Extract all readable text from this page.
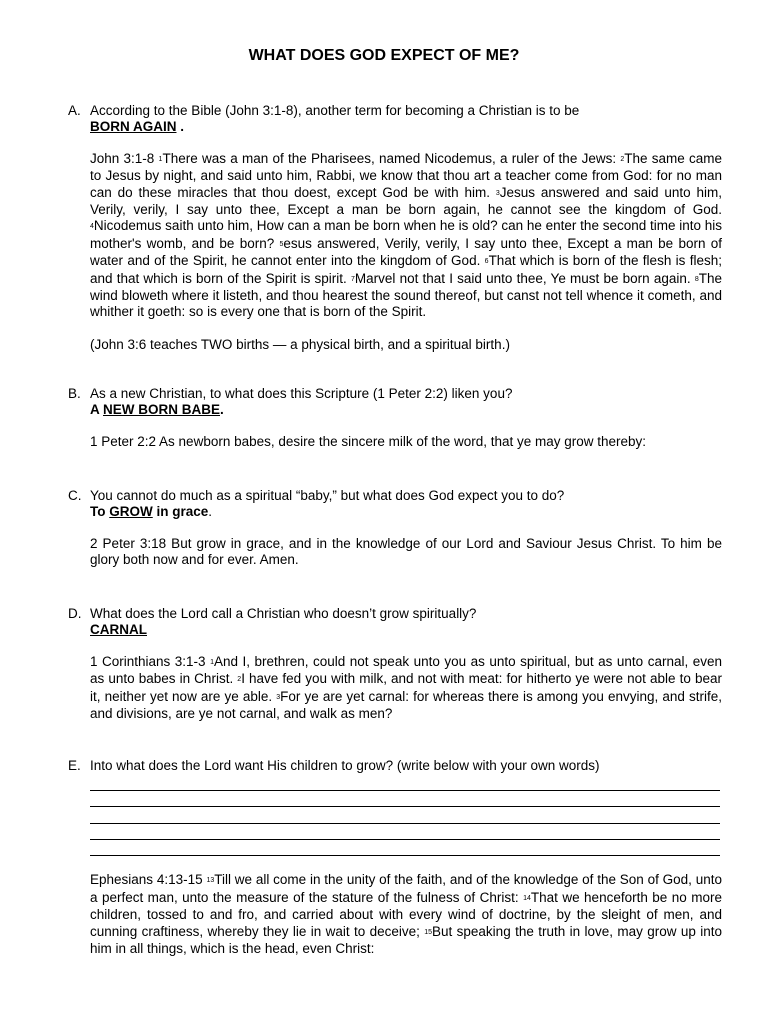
WHAT DOES GOD EXPECT OF ME?
A. According to the Bible (John 3:1-8), another term for becoming a Christian is to be

BORN AGAIN .

John 3:1-8 $^1$There was a man of the Pharisees, named Nicodemus, a ruler of the Jews: $^2$The same came to Jesus by night, and said unto him, Rabbi, we know that thou art a teacher come from God: for no man can do these miracles that thou doest, except God be with him. $^3$Jesus answered and said unto him, Verily, verily, I say unto thee, Except a man be born again, he cannot see the kingdom of God. $^4$Nicodemus saith unto him, How can a man be born when he is old? can he enter the second time into his mother's womb, and be born? $^5$esus answered, Verily, verily, I say unto thee, Except a man be born of water and of the Spirit, he cannot enter into the kingdom of God. $^6$That which is born of the flesh is flesh; and that which is born of the Spirit is spirit. $^7$Marvel not that I said unto thee, Ye must be born again. $^8$The wind bloweth where it listeth, and thou hearest the sound thereof, but canst not tell whence it cometh, and whither it goeth: so is every one that is born of the Spirit.

(John 3:6 teaches TWO births — a physical birth, and a spiritual birth.)

B. As a new Christian, to what does this Scripture (1 Peter 2:2) liken you?

A NEW BORN BABE.

1 Peter 2:2 As newborn babes, desire the sincere milk of the word, that ye may grow thereby:

C. You cannot do much as a spiritual “baby,” but what does God expect you to do?

To GROW in grace.

2 Peter 3:18 But grow in grace, and in the knowledge of our Lord and Saviour Jesus Christ. To him be glory both now and for ever. Amen.

D. What does the Lord call a Christian who doesn’t grow spiritually?

CARNAL

1 Corinthians 3:1-3 $^1$And I, brethren, could not speak unto you as unto spiritual, but as unto carnal, even as unto babes in Christ. $^2$I have fed you with milk, and not with meat: for hitherto ye were not able to bear it, neither yet now are ye able. $^3$For ye are yet carnal: for whereas there is among you envying, and strife, and divisions, are ye not carnal, and walk as men?

E. Into what does the Lord want His children to grow? (write below with your own words)

Ephesians 4:13-15 $^{13}$Till we all come in the unity of the faith, and of the knowledge of the Son of God, unto a perfect man, unto the measure of the stature of the fulness of Christ: $^{14}$That we henceforth be no more children, tossed to and fro, and carried about with every wind of doctrine, by the sleight of men, and cunning craftiness, whereby they lie in wait to deceive; $^{15}$But speaking the truth in love, may grow up into him in all things, which is the head, even Christ:
